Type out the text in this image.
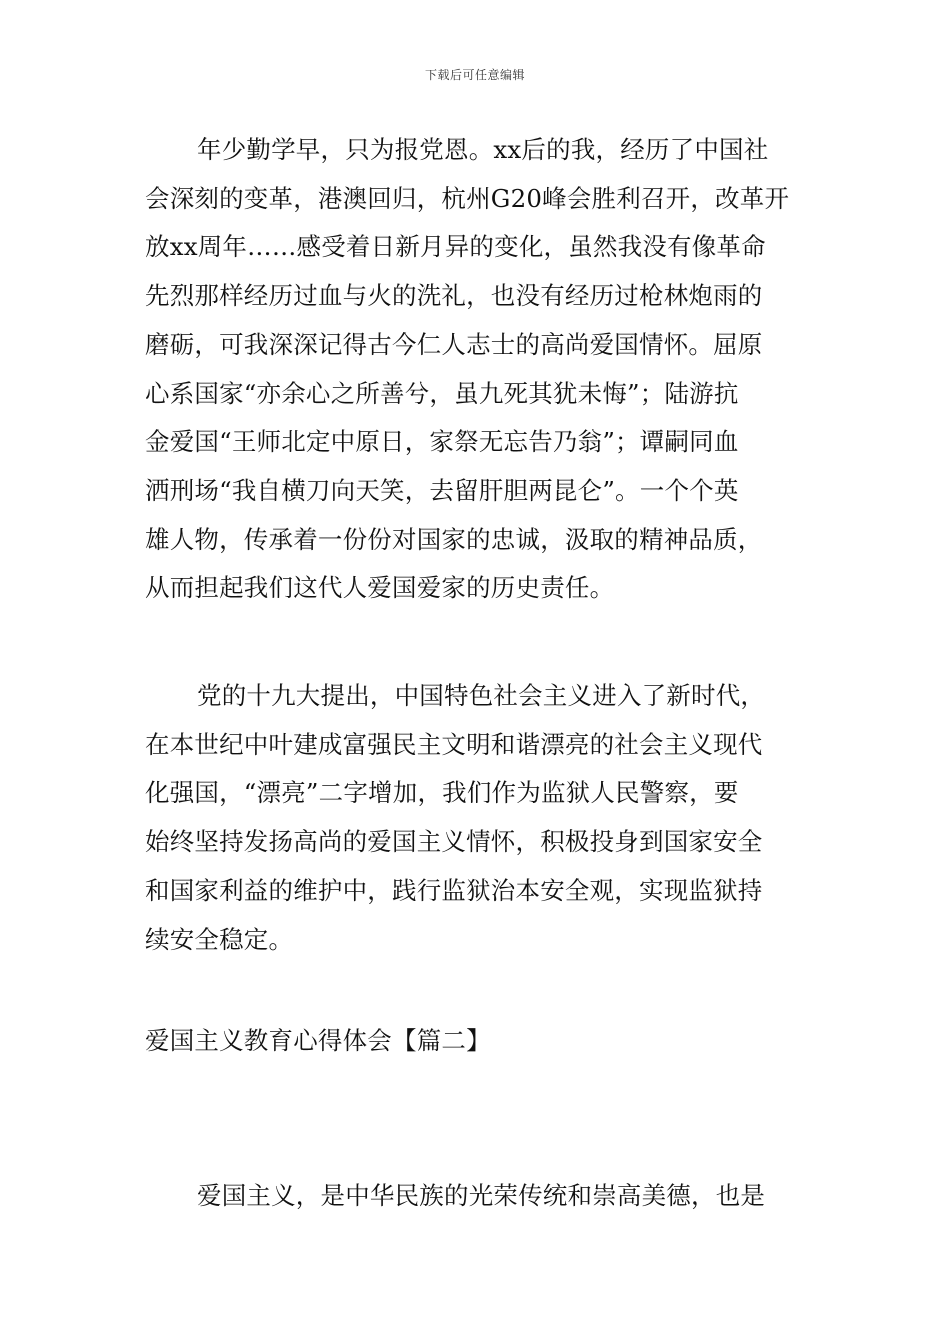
下载后可任意编辑
年少勤学早，只为报党恩。xx后的我，经历了中国社
会深刻的变革，港澳回归，杭州G20峰会胜利召开，改革开
放xx周年……感受着日新月异的变化，虽然我没有像革命
先烈那样经历过血与火的洗礼，也没有经历过枪林炮雨的
磨砺，可我深深记得古今仁人志士的高尚爱国情怀。屈原
心系国家“亦余心之所善兮，虽九死其犹未悔”；陆游抗
金爱国“王师北定中原日，家祭无忘告乃翁”；谭嗣同血
洒刑场“我自横刀向天笑，去留肝胆两昆仑”。一个个英
雄人物，传承着一份份对国家的忠诚，汲取的精神品质，
从而担起我们这代人爱国爱家的历史责任。
党的十九大提出，中国特色社会主义进入了新时代，
在本世纪中叶建成富强民主文明和谐漂亮的社会主义现代
化强国，“漂亮”二字增加，我们作为监狱人民警察，要
始终坚持发扬高尚的爱国主义情怀，积极投身到国家安全
和国家利益的维护中，践行监狱治本安全观，实现监狱持
续安全稳定。
爱国主义教育心得体会【篇二】
爱国主义，是中华民族的光荣传统和崇高美德，也是
